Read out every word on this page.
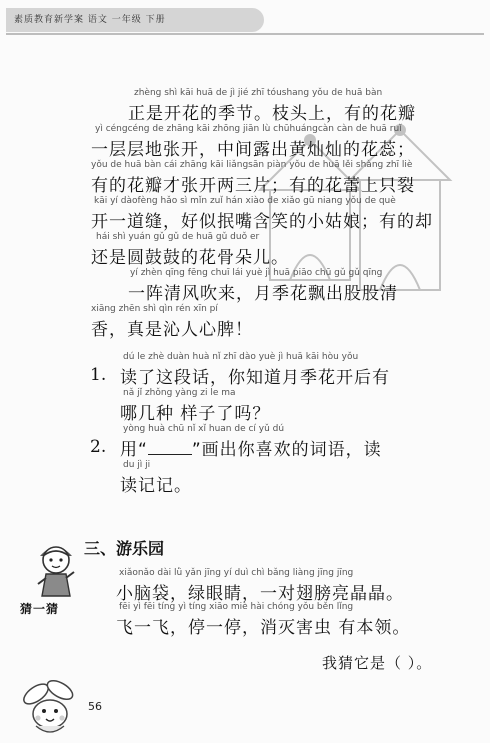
素质教育新学案 语文 一年级 下册
zhèng shì kāi huā de jì jié zhī tóushang yǒu de huā bàn
正是开花的季节。枝头上，有的花瓣
yì céngcéng de zhāng kāi zhōng jiān lù chūhuángcàn càn de huā ruǐ
一层层地张开，中间露出黄灿灿的花蕊；
yǒu de huā bàn cái zhāng kāi liǎngsān piàn yǒu de huā lěi shàng zhī liè
有的花瓣才张开两三片；有的花蕾上只裂
kāi yí dàofèng hǎo sì mǐn zuǐ hán xiào de xiǎo gū niang yǒu de què
开一道缝，好似抿嘴含笑的小姑娘；有的却
hái shì yuán gǔ gǔ de huā gǔ duǒ er
还是圆鼓鼓的花骨朵儿。
yí zhèn qīng fēng chuī lái yuè jì huā piāo chū gǔ gǔ qīng
一阵清风吹来，月季花飘出股股清
xiāng zhēn shì qìn rén xīn pí
香，真是沁人心脾！
1.
dú le zhè duàn huà nǐ zhī dào yuè jì huā kāi hòu yǒu
读了这段话，你知道月季花开后有
nǎ jǐ zhǒng yàng zi le ma
哪几种 样子了吗？
2.
yòng huà chū nǐ xǐ huan de cí yǔ dú
用“	”画出你喜欢的词语，读
du jì ji
读记记。
三、游乐园
猜一猜
xiǎonǎo dài lǜ yǎn jīng yí duì chì bǎng liàng jīng jīng
小脑袋，绿眼睛，一对翅膀亮晶晶。
fēi yì fēi tíng yì tíng xiāo miè hài chóng yǒu běn lǐng
飞一飞，停一停，消灭害虫 有本领。
我猜它是（ ）。
56
